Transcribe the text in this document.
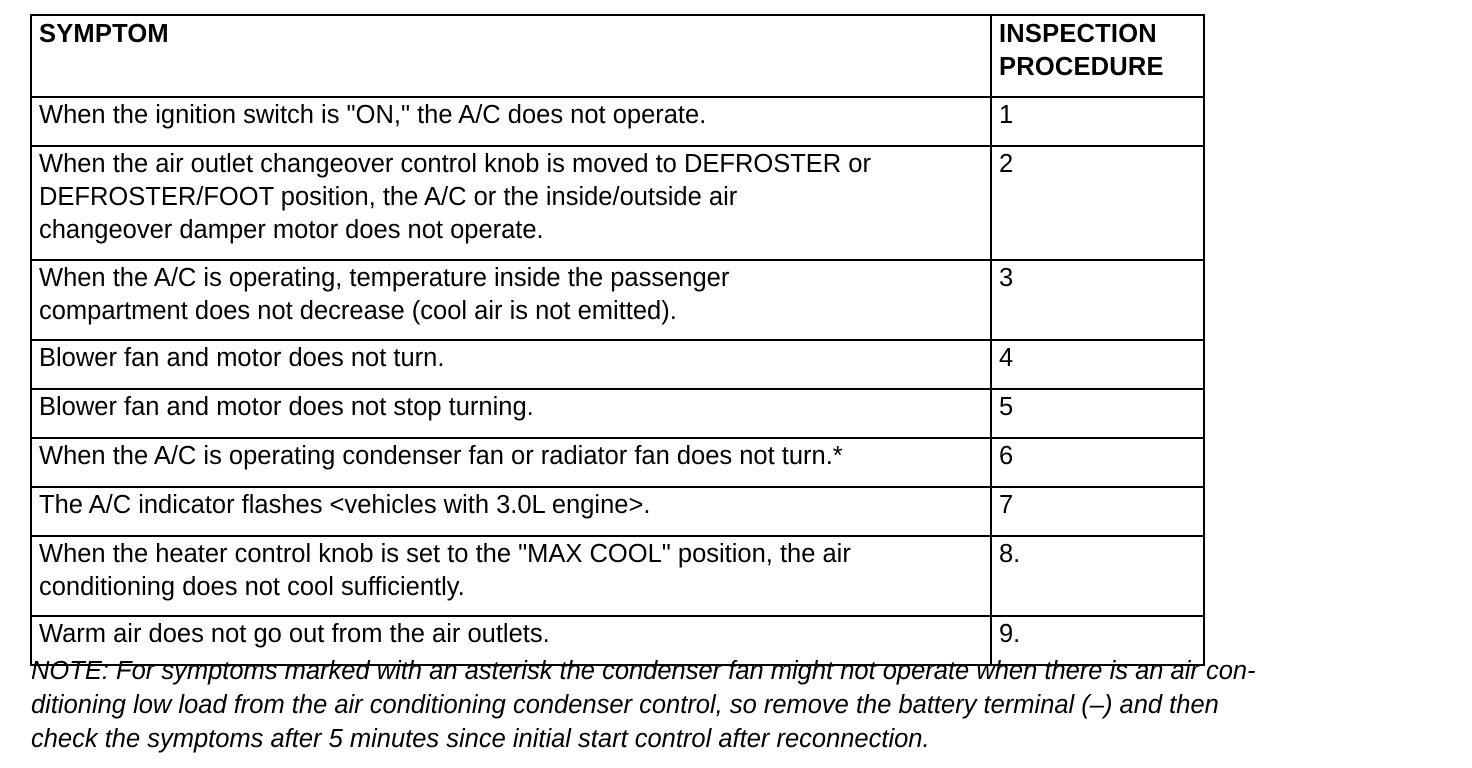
SYMPTOM	INSPECTION
PROCEDURE

When the ignition switch is "ON," the A/C does not operate.	1
When the air outlet changeover control knob is moved to DEFROSTER or
DEFROSTER/FOOT position, the A/C or the inside/outside air
changeover damper motor does not operate.	2
When the A/C is operating, temperature inside the passenger
compartment does not decrease (cool air is not emitted).	3
Blower fan and motor does not turn.	4
Blower fan and motor does not stop turning.	5
When the A/C is operating condenser fan or radiator fan does not turn.*	6
The A/C indicator flashes <vehicles with 3.0L engine>.	7
When the heater control knob is set to the "MAX COOL" position, the air
conditioning does not cool sufficiently.	8.
Warm air does not go out from the air outlets.	9.
NOTE: For symptoms marked with an asterisk the condenser fan might not operate when there is an air con-
ditioning low load from the air conditioning condenser control, so remove the battery terminal (–) and then
check the symptoms after 5 minutes since initial start control after reconnection.
